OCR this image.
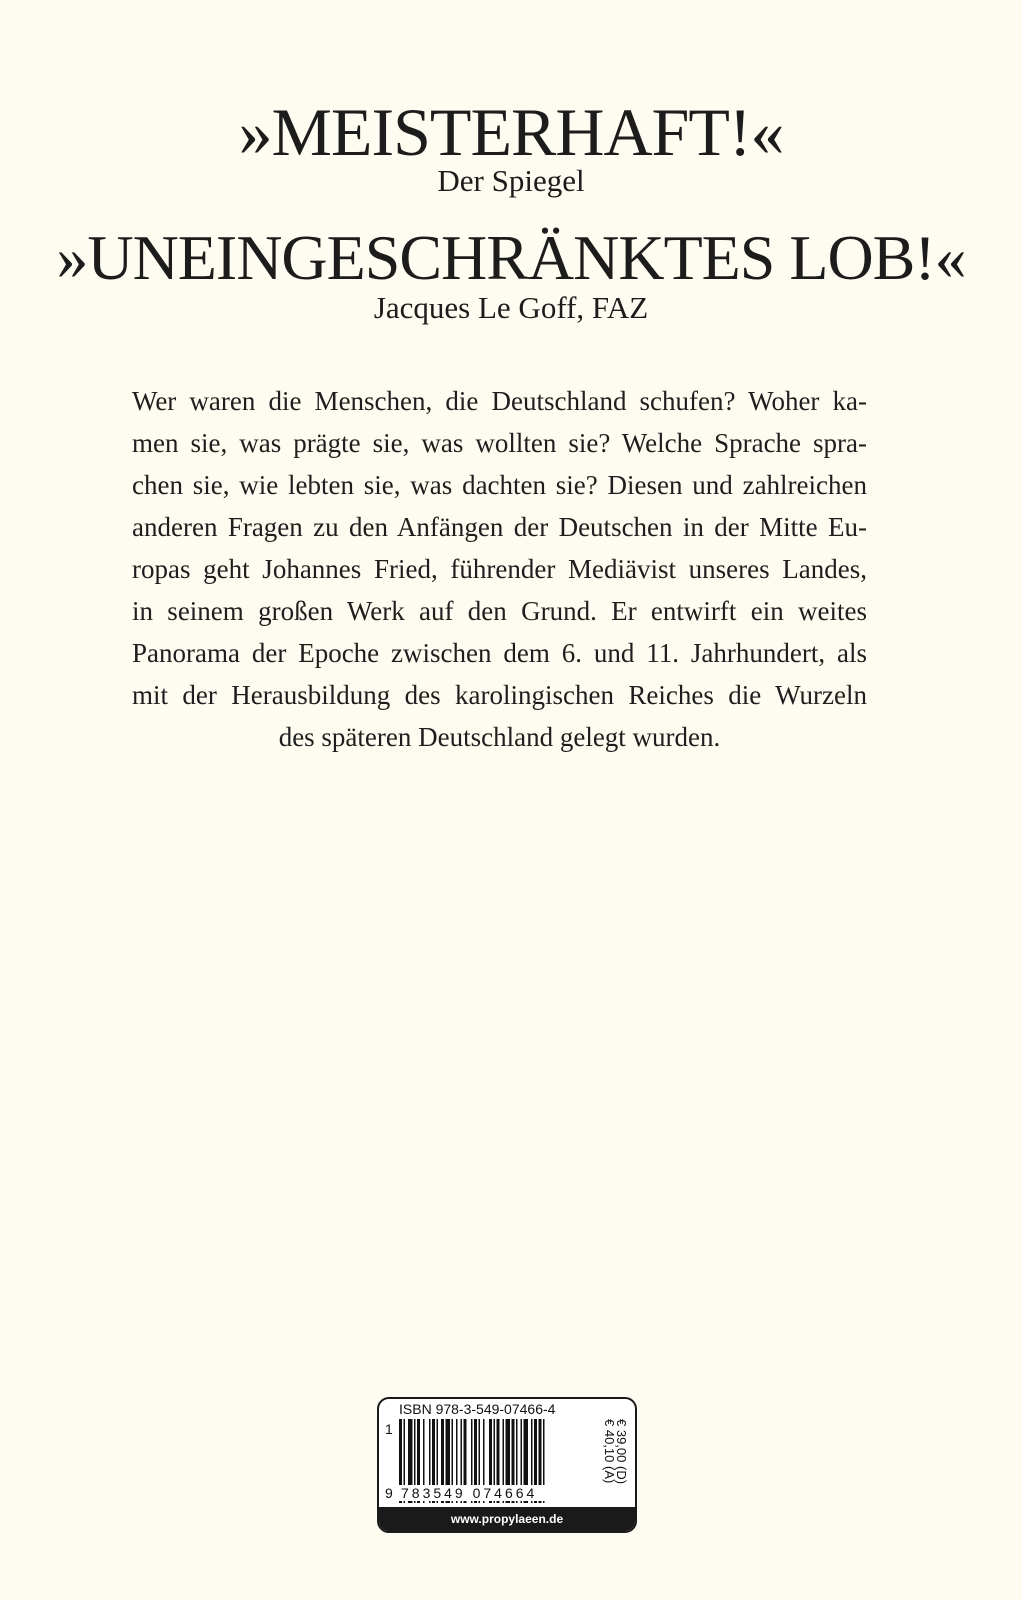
»MEISTERHAFT!«
Der Spiegel
»UNEINGESCHRÄNKTES LOB!«
Jacques Le Goff, FAZ
Wer waren die Menschen, die Deutschland schufen? Woher ka-
men sie, was prägte sie, was wollten sie? Welche Sprache spra-
chen sie, wie lebten sie, was dachten sie? Diesen und zahlreichen
anderen Fragen zu den Anfängen der Deutschen in der Mitte Eu-
ropas geht Johannes Fried, führender Mediävist unseres Landes,
in seinem großen Werk auf den Grund. Er entwirft ein weites
Panorama der Epoche zwischen dem 6. und 11. Jahrhundert, als
mit der Herausbildung des karolingischen Reiches die Wurzeln
des späteren Deutschland gelegt wurden.
ISBN 978-3-549-07466-4
1
9 783549 074664
€ 39,00 (D)
€ 40,10 (A)
www.propylaeen.de
